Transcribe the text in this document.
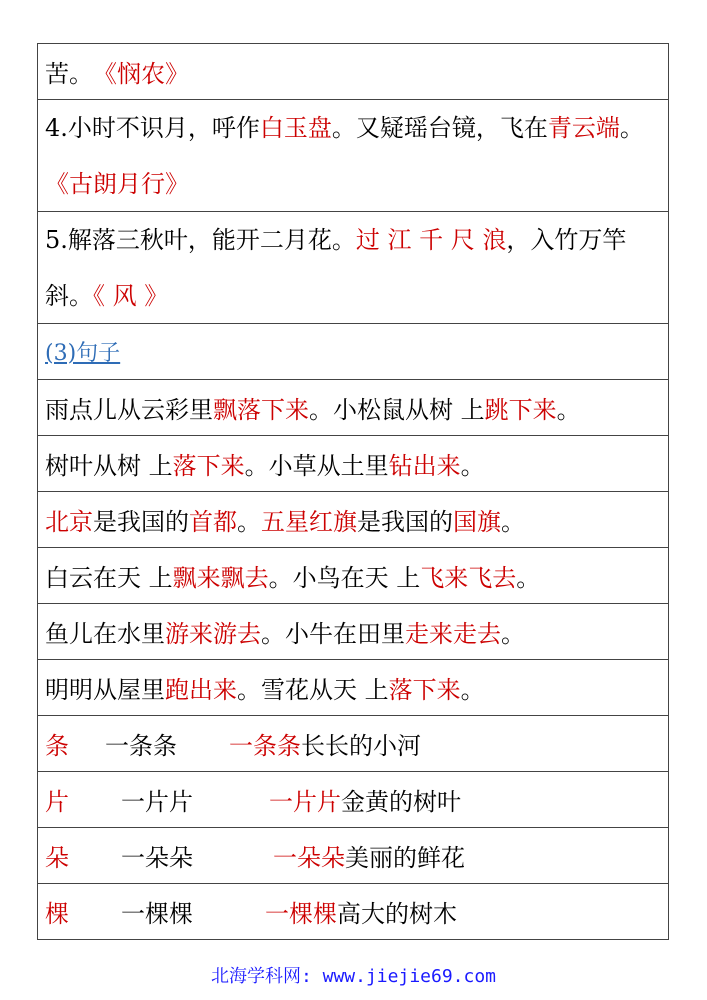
苦。 《悯农》
4.小时不识月，呼作白玉盘。又疑瑶台镜，飞在青云端。
《古朗月行》
5.解落三秋叶，能开二月花。过 江 千 尺 浪，入竹万竿
斜。《 风 》
(3)句子
雨点儿从云彩里 飘落下来 。小松鼠从树 上 跳下来 。
树叶从树 上 落下来 。小草从土里 钻出来 。
北京 是我国的 首都 。 五星红旗 是我国的 国旗 。
白云在天 上 飘来飘去 。小鸟在天 上 飞来飞去 。
鱼儿在水里 游来游去 。小牛在田里 走来走去 。
明明从屋里 跑出来 。雪花从天 上 落下来 。
条	一条条	一条条 长长的小河
片	一片片	一片片 金黄的树叶
朵	一朵朵	一朵朵 美丽的鲜花
棵	一棵棵	一棵棵 高大的树木
北海学科网: www.jiejie69.com
